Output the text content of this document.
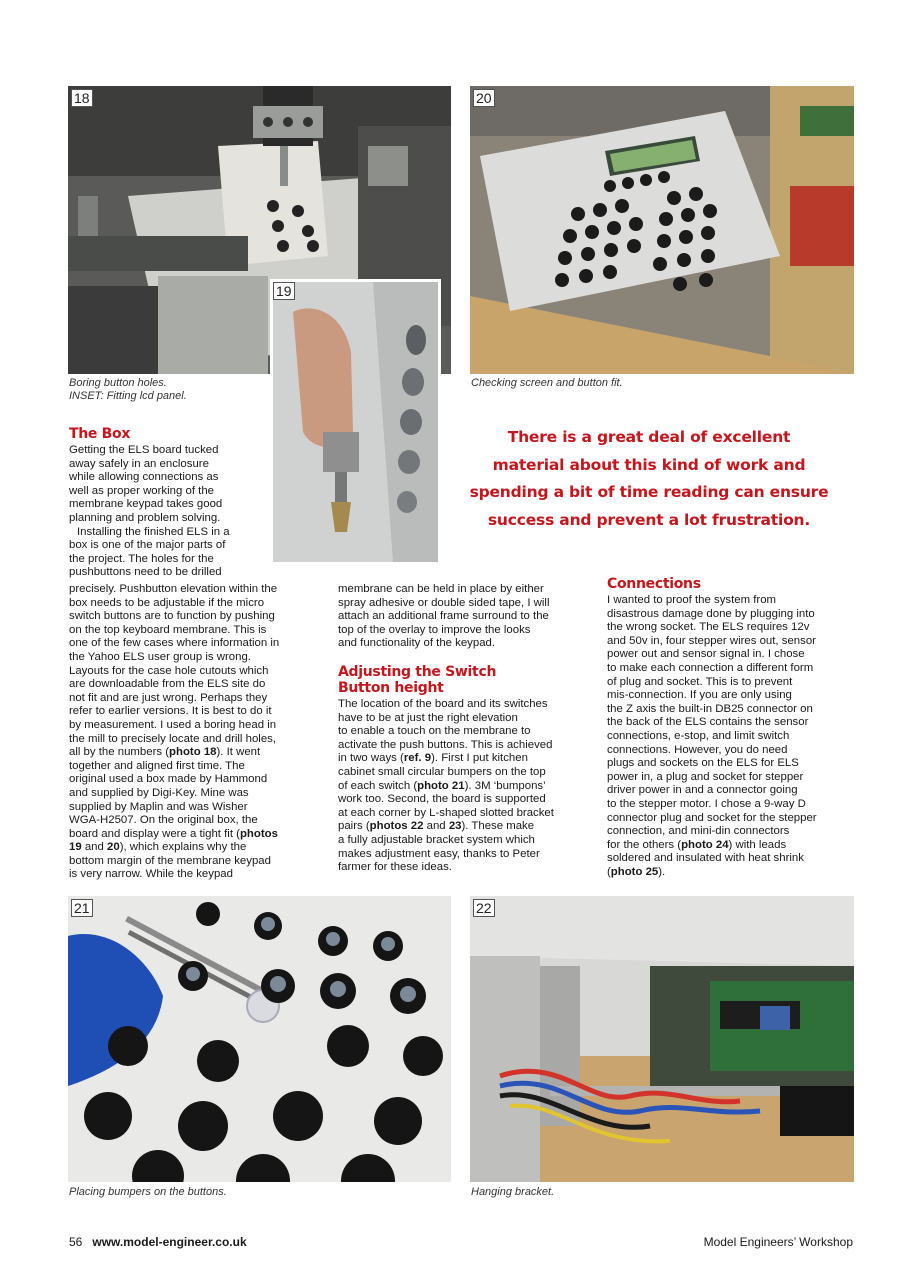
18
Boring button holes.
INSET: Fitting lcd panel.
19
20
Checking screen and button fit.
There is a great deal of excellent
material about this kind of work and
spending a bit of time reading can ensure
success and prevent a lot frustration.
The Box
Getting the ELS board tucked
away safely in an enclosure
while allowing connections as
well as proper working of the
membrane keypad takes good
planning and problem solving.
Installing the finished ELS in a
box is one of the major parts of
the project. The holes for the
pushbuttons need to be drilled
precisely. Pushbutton elevation within the
box needs to be adjustable if the micro
switch buttons are to function by pushing
on the top keyboard membrane. This is
one of the few cases where information in
the Yahoo ELS user group is wrong.
Layouts for the case hole cutouts which
are downloadable from the ELS site do
not fit and are just wrong. Perhaps they
refer to earlier versions. It is best to do it
by measurement. I used a boring head in
the mill to precisely locate and drill holes,
all by the numbers (photo 18). It went
together and aligned first time. The
original used a box made by Hammond
and supplied by Digi-Key. Mine was
supplied by Maplin and was Wisher
WGA-H2507. On the original box, the
board and display were a tight fit (photos
19 and 20), which explains why the
bottom margin of the membrane keypad
is very narrow. While the keypad
membrane can be held in place by either
spray adhesive or double sided tape, I will
attach an additional frame surround to the
top of the overlay to improve the looks
and functionality of the keypad.
Adjusting the Switch
Button height
The location of the board and its switches
have to be at just the right elevation
to enable a touch on the membrane to
activate the push buttons. This is achieved
in two ways (ref. 9). First I put kitchen
cabinet small circular bumpers on the top
of each switch (photo 21). 3M ‘bumpons’
work too. Second, the board is supported
at each corner by L-shaped slotted bracket
pairs (photos 22 and 23). These make
a fully adjustable bracket system which
makes adjustment easy, thanks to Peter
farmer for these ideas.
Connections
I wanted to proof the system from
disastrous damage done by plugging into
the wrong socket. The ELS requires 12v
and 50v in, four stepper wires out, sensor
power out and sensor signal in. I chose
to make each connection a different form
of plug and socket. This is to prevent
mis-connection. If you are only using
the Z axis the built-in DB25 connector on
the back of the ELS contains the sensor
connections, e-stop, and limit switch
connections. However, you do need
plugs and sockets on the ELS for ELS
power in, a plug and socket for stepper
driver power in and a connector going
to the stepper motor. I chose a 9-way D
connector plug and socket for the stepper
connection, and mini-din connectors
for the others (photo 24) with leads
soldered and insulated with heat shrink
(photo 25).
21
Placing bumpers on the buttons.
22
Hanging bracket.
56 www.model-engineer.co.uk	Model Engineers’ Workshop
